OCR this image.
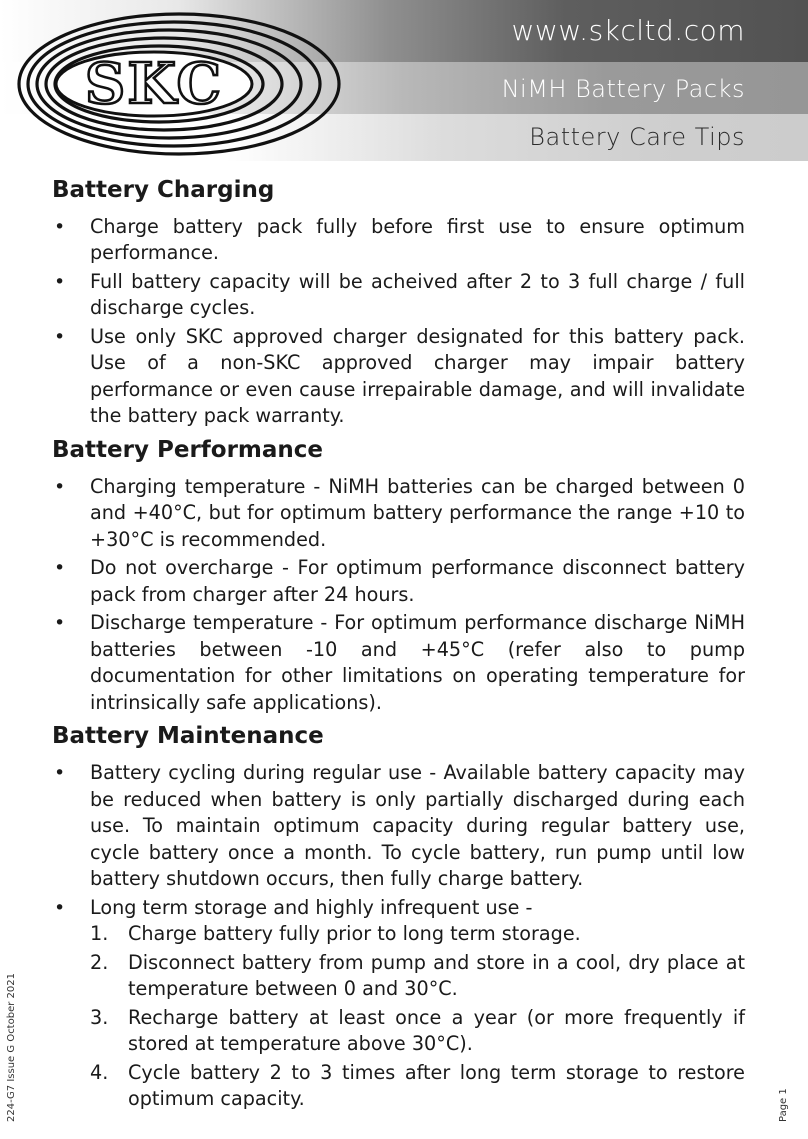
www.skcltd.com
NiMH Battery Packs
Battery Care Tips
SKC
Battery Charging
• Charge battery pack fully before first use to ensure optimum performance.
• Full battery capacity will be acheived after 2 to 3 full charge / full discharge cycles.
• Use only SKC approved charger designated for this battery pack. Use of a non-SKC approved charger may impair battery performance or even cause irrepairable damage, and will invalidate the battery pack warranty.
Battery Performance
• Charging temperature - NiMH batteries can be charged between 0 and +40°C, but for optimum battery performance the range +10 to +30°C is recommended.
• Do not overcharge - For optimum performance disconnect battery pack from charger after 24 hours.
• Discharge temperature - For optimum performance discharge NiMH batteries between -10 and +45°C (refer also to pump documentation for other limitations on operating temperature for intrinsically safe applications).
Battery Maintenance
• Battery cycling during regular use - Available battery capacity may be reduced when battery is only partially discharged during each use. To maintain optimum capacity during regular battery use, cycle battery once a month. To cycle battery, run pump until low battery shutdown occurs, then fully charge battery.
• Long term storage and highly infrequent use -
1. Charge battery fully prior to long term storage.
2. Disconnect battery from pump and store in a cool, dry place at temperature between 0 and 30°C.
3. Recharge battery at least once a year (or more frequently if stored at temperature above 30°C).
4. Cycle battery 2 to 3 times after long term storage to restore optimum capacity.
224-G7 Issue G October 2021	Page 1
